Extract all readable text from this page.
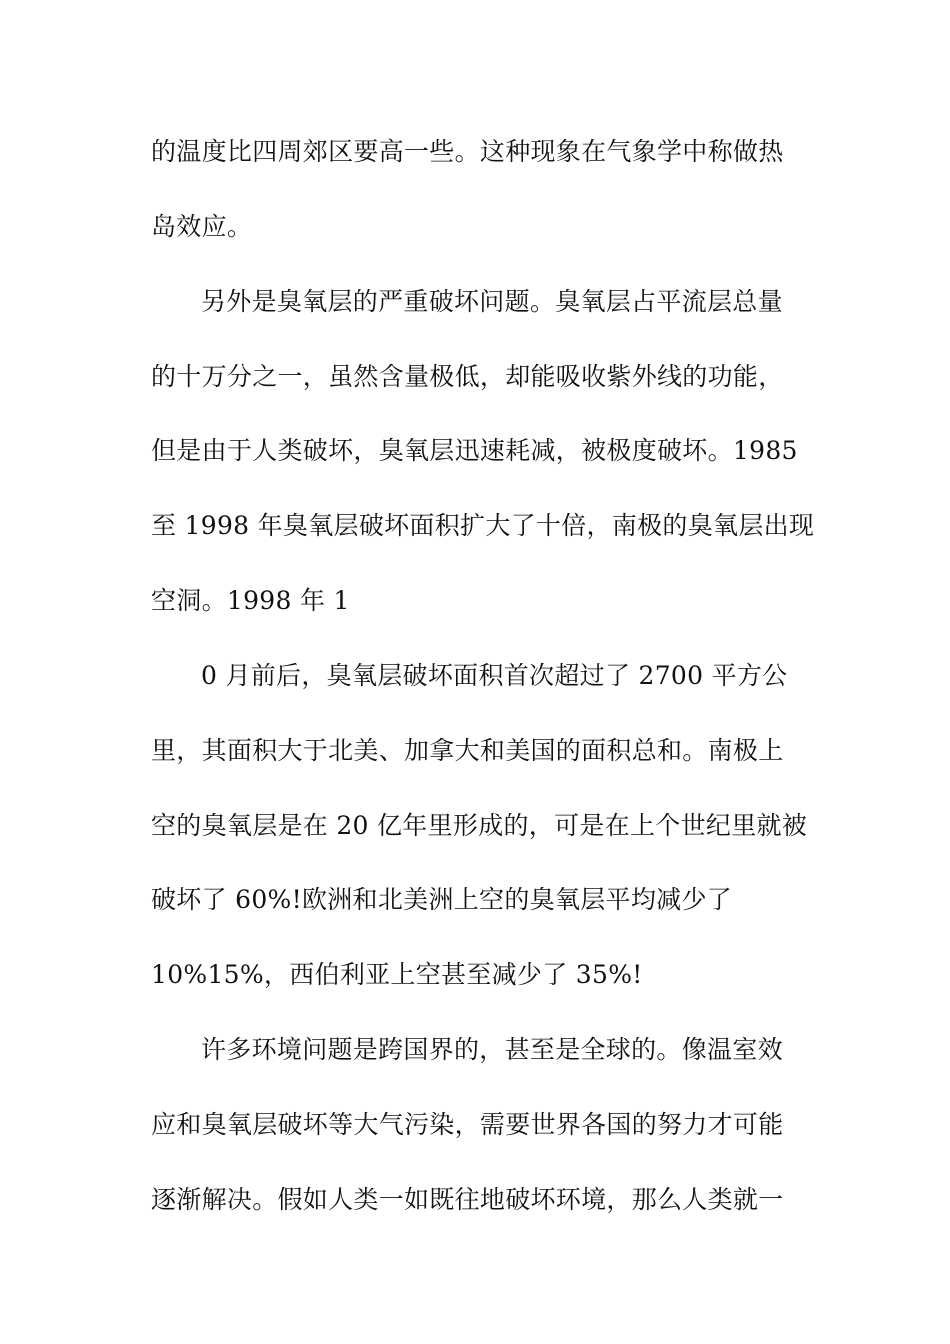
的温度比四周郊区要高一些。这种现象在气象学中称做热

岛效应。

另外是臭氧层的严重破坏问题。臭氧层占平流层总量

的十万分之一，虽然含量极低，却能吸收紫外线的功能，

但是由于人类破坏，臭氧层迅速耗减，被极度破坏。1985

至 1998 年臭氧层破坏面积扩大了十倍，南极的臭氧层出现

空洞。1998 年 1

0 月前后，臭氧层破坏面积首次超过了 2700 平方公

里，其面积大于北美、加拿大和美国的面积总和。南极上

空的臭氧层是在 20 亿年里形成的，可是在上个世纪里就被

破坏了 60%!欧洲和北美洲上空的臭氧层平均减少了

10%15%，西伯利亚上空甚至减少了 35%!

许多环境问题是跨国界的，甚至是全球的。像温室效

应和臭氧层破坏等大气污染，需要世界各国的努力才可能

逐渐解决。假如人类一如既往地破坏环境，那么人类就一
